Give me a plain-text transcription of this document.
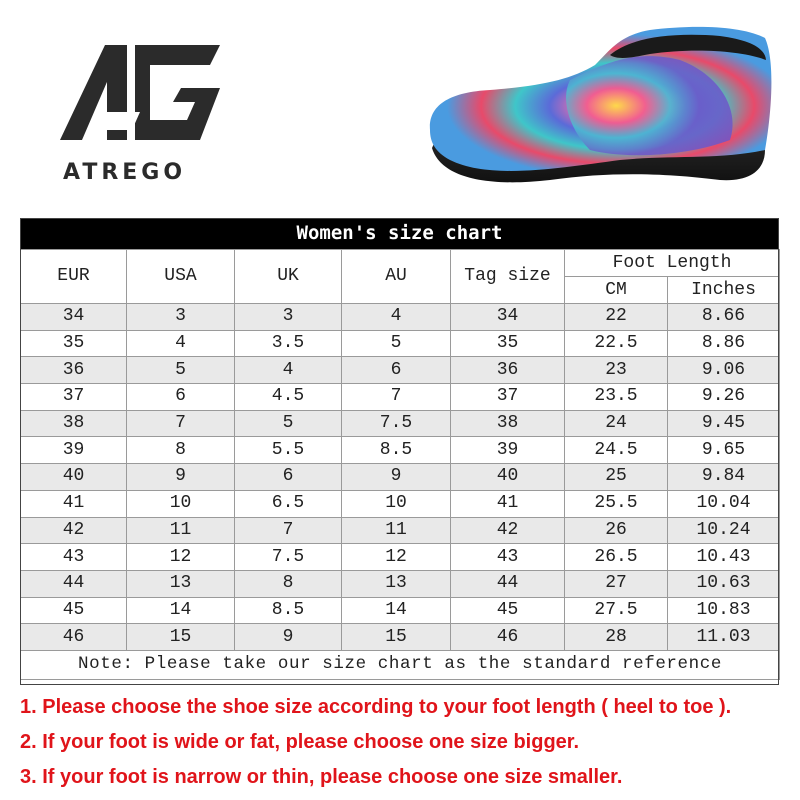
ATREGO
Women's size chart
EUR	USA	UK	AU	Tag size	Foot Length	
					CM	Inches
34	3	3	4	34	22	8.66
35	4	3.5	5	35	22.5	8.86
36	5	4	6	36	23	9.06
37	6	4.5	7	37	23.5	9.26
38	7	5	7.5	38	24	9.45
39	8	5.5	8.5	39	24.5	9.65
40	9	6	9	40	25	9.84
41	10	6.5	10	41	25.5	10.04
42	11	7	11	42	26	10.24
43	12	7.5	12	43	26.5	10.43
44	13	8	13	44	27	10.63
45	14	8.5	14	45	27.5	10.83
46	15	9	15	46	28	11.03
Note: Please take our size chart as the standard reference						
1. Please choose the shoe size according to your foot length ( heel to toe ).
2. If your foot is wide or fat, please choose one size bigger.
3. If your foot is narrow or thin, please choose one size smaller.
